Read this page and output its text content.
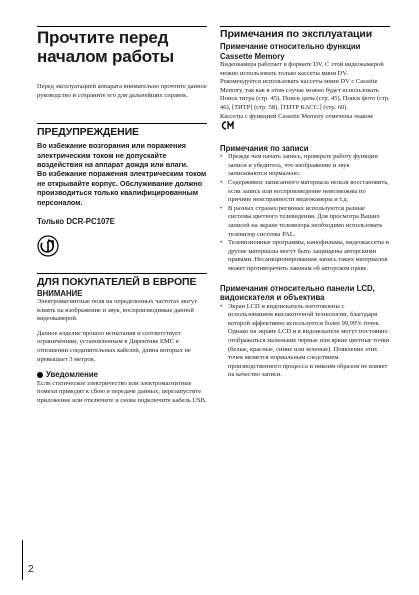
Прочтите перед
началом работы

Перед эксплуатацией аппарата внимательно прочтите данное руководство и сохраните его для дальнейших справок.

ПРЕДУПРЕЖДЕНИЕ

Во избежание возгорания или поражения электрическим током не допускайте воздействия на аппарат дождя или влаги.

Во избежание поражения электрическим током не открывайте корпус. Обслуживание должно производиться только квалифицированным персоналом.

Только DCR-PC107E

ДЛЯ ПОКУПАТЕЛЕЙ В ЕВРОПЕ

ВНИМАНИЕ

Электромагнитные поля на определенных частотах могут влиять на изображение и звук, воспроизводимые данной видеокамерой.

Данное изделие прошло испытания и соответствует ограничениям, установленным в Директиве EMC в отношении соединительных кабелей, длина которых не превышает 3 метров.

Уведомление

Если статическое электричество или электромагнитные помехи приводят к сбою в передаче данных, перезапустите приложение или отключите и снова подключите кабель USB.

Примечания по эксплуатации

Примечание относительно функции Cassette Memory

Видеокамера работает в формате DV. С этой видеокамерой можно использовать только кассеты мини DV. Рекомендуется использовать кассеты мини DV с Cassette Memory, так как в этом случае можно будет использовать Поиск титра (стр. 45), Поиск даты (стр. 45), Поиск фото (стр. 46), [ТИТР] (стр. 58), [ТИТР КАСС.] (стр. 60).

Кассеты с функцией Cassette Memory отмечены знаком

Примечания по записи

• Прежде чем начать запись, проверьте работу функции записи и убедитесь, что изображение и звук записываются нормально.
• Содержимое записанного материала нельзя восстановить, если запись или воспроизведение невозможны по причине неисправности видеокамеры и т.д.
• В разных странах/регионах используются разные системы цветного телевидения. Для просмотра Ваших записей на экране телевизора необходимо использовать телевизор системы PAL.
• Телевизионные программы, кинофильмы, видеокассеты и другие материалы могут быть защищены авторскими правами. Несанкционированная запись таких материалов может противоречить законам об авторском праве.

Примечания относительно панели LCD, видоискателя и объектива

• Экран LCD и видоискатель изготовлены с использованием высокоточной технологии, благодаря которой эффективно используется более 99,99% точек. Однако на экране LCD и в видоискателе могут постоянно отображаться маленькие черные или яркие цветные точки (белые, красные, синие или зеленые). Появление этих точек является нормальным следствием производственного процесса и никоим образом не влияет на качество записи.
2
